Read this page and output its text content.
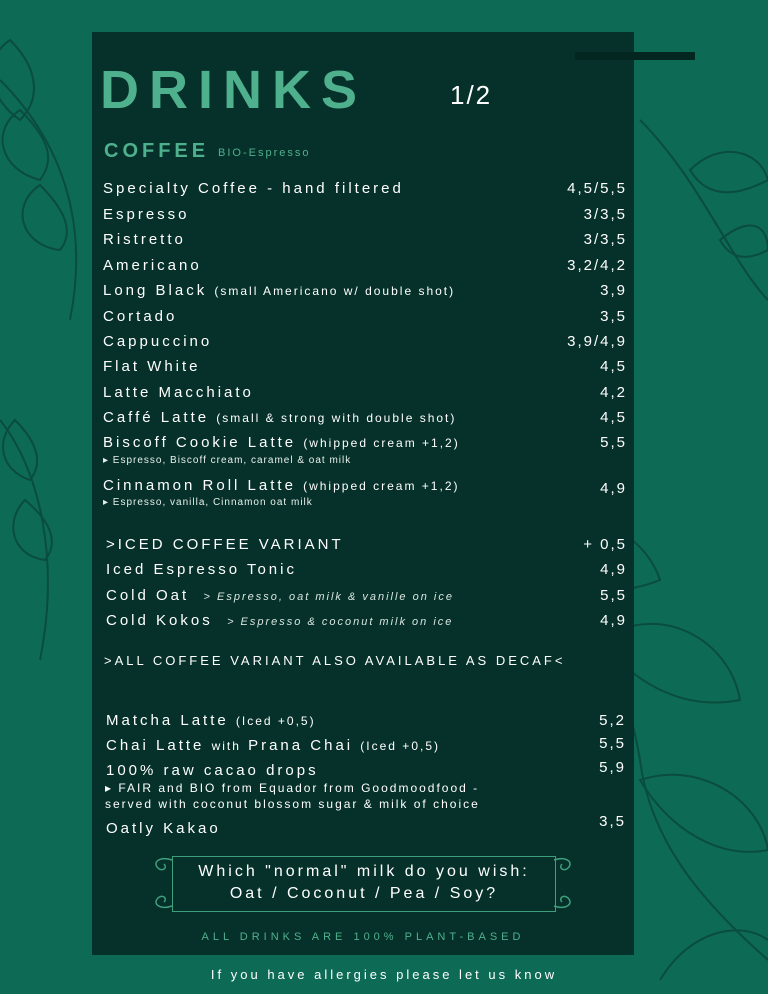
DRINKS	1/2
COFFEE BIO-Espresso
Specialty Coffee - hand filtered	4,5/5,5
Espresso	3/3,5
Ristretto	3/3,5
Americano	3,2/4,2
Long Black (small Americano w/ double shot)	3,9
Cortado	3,5
Cappuccino	3,9/4,9
Flat White	4,5
Latte Macchiato	4,2
Caffé Latte (small & strong with double shot)	4,5
Biscoff Cookie Latte (whipped cream +1,2)	5,5
▸ Espresso, Biscoff cream, caramel & oat milk
Cinnamon Roll Latte (whipped cream +1,2)	4,9
▸ Espresso, vanilla, Cinnamon oat milk
>ICED COFFEE VARIANT	+ 0,5
Iced Espresso Tonic	4,9
Cold Oat > Espresso, oat milk & vanille on ice	5,5
Cold Kokos > Espresso & coconut milk on ice	4,9
>ALL COFFEE VARIANT ALSO AVAILABLE AS DECAF<
Matcha Latte (Iced +0,5)	5,2
Chai Latte with Prana Chai (Iced +0,5)	5,5
100% raw cacao drops	5,9
▸ FAIR and BIO from Equador from Goodmoodfood -
served with coconut blossom sugar & milk of choice
Oatly Kakao	3,5
Which "normal" milk do you wish:
Oat / Coconut / Pea / Soy?
ALL DRINKS ARE 100% PLANT-BASED
If you have allergies please let us know
